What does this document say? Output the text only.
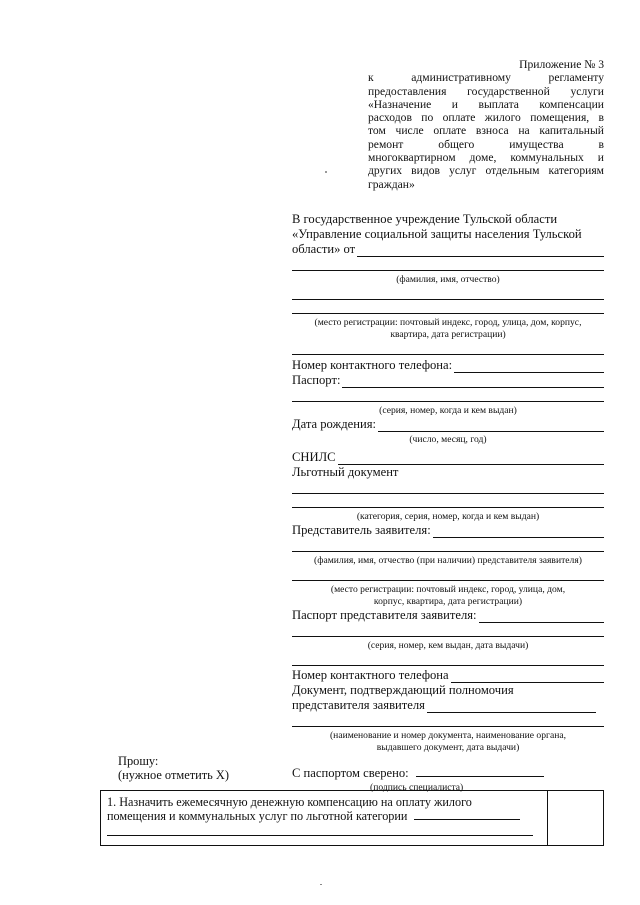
Приложение № 3
к административному регламенту
предоставления государственной услуги
«Назначение и выплата компенсации
расходов по оплате жилого помещения, в
том числе оплате взноса на капитальный
ремонт общего имущества в
многоквартирном доме, коммунальных и
других видов услуг отдельным категориям
граждан»
В государственное учреждение Тульской области
«Управление социальной защиты населения Тульской
области» от
(фамилия, имя, отчество)
(место регистрации: почтовый индекс, город, улица, дом, корпус,
квартира, дата регистрации)
Номер контактного телефона:
Паспорт:
(серия, номер, когда и кем выдан)
Дата рождения:
(число, месяц, год)
СНИЛС
Льготный документ
(категория, серия, номер, когда и кем выдан)
Представитель заявителя:
(фамилия, имя, отчество (при наличии) представителя заявителя)
(место регистрации: почтовый индекс, город, улица, дом,
корпус, квартира, дата регистрации)
Паспорт представителя заявителя:
(серия, номер, кем выдан, дата выдачи)
Номер контактного телефона
Документ, подтверждающий полномочия
представителя заявителя
(наименование и номер документа, наименование органа,
выдавшего документ, дата выдачи)
С паспортом сверено:
(подпись специалиста)
Прошу:
(нужное отметить Х)
1. Назначить ежемесячную денежную компенсацию на оплату жилого
помещения и коммунальных услуг по льготной категории
